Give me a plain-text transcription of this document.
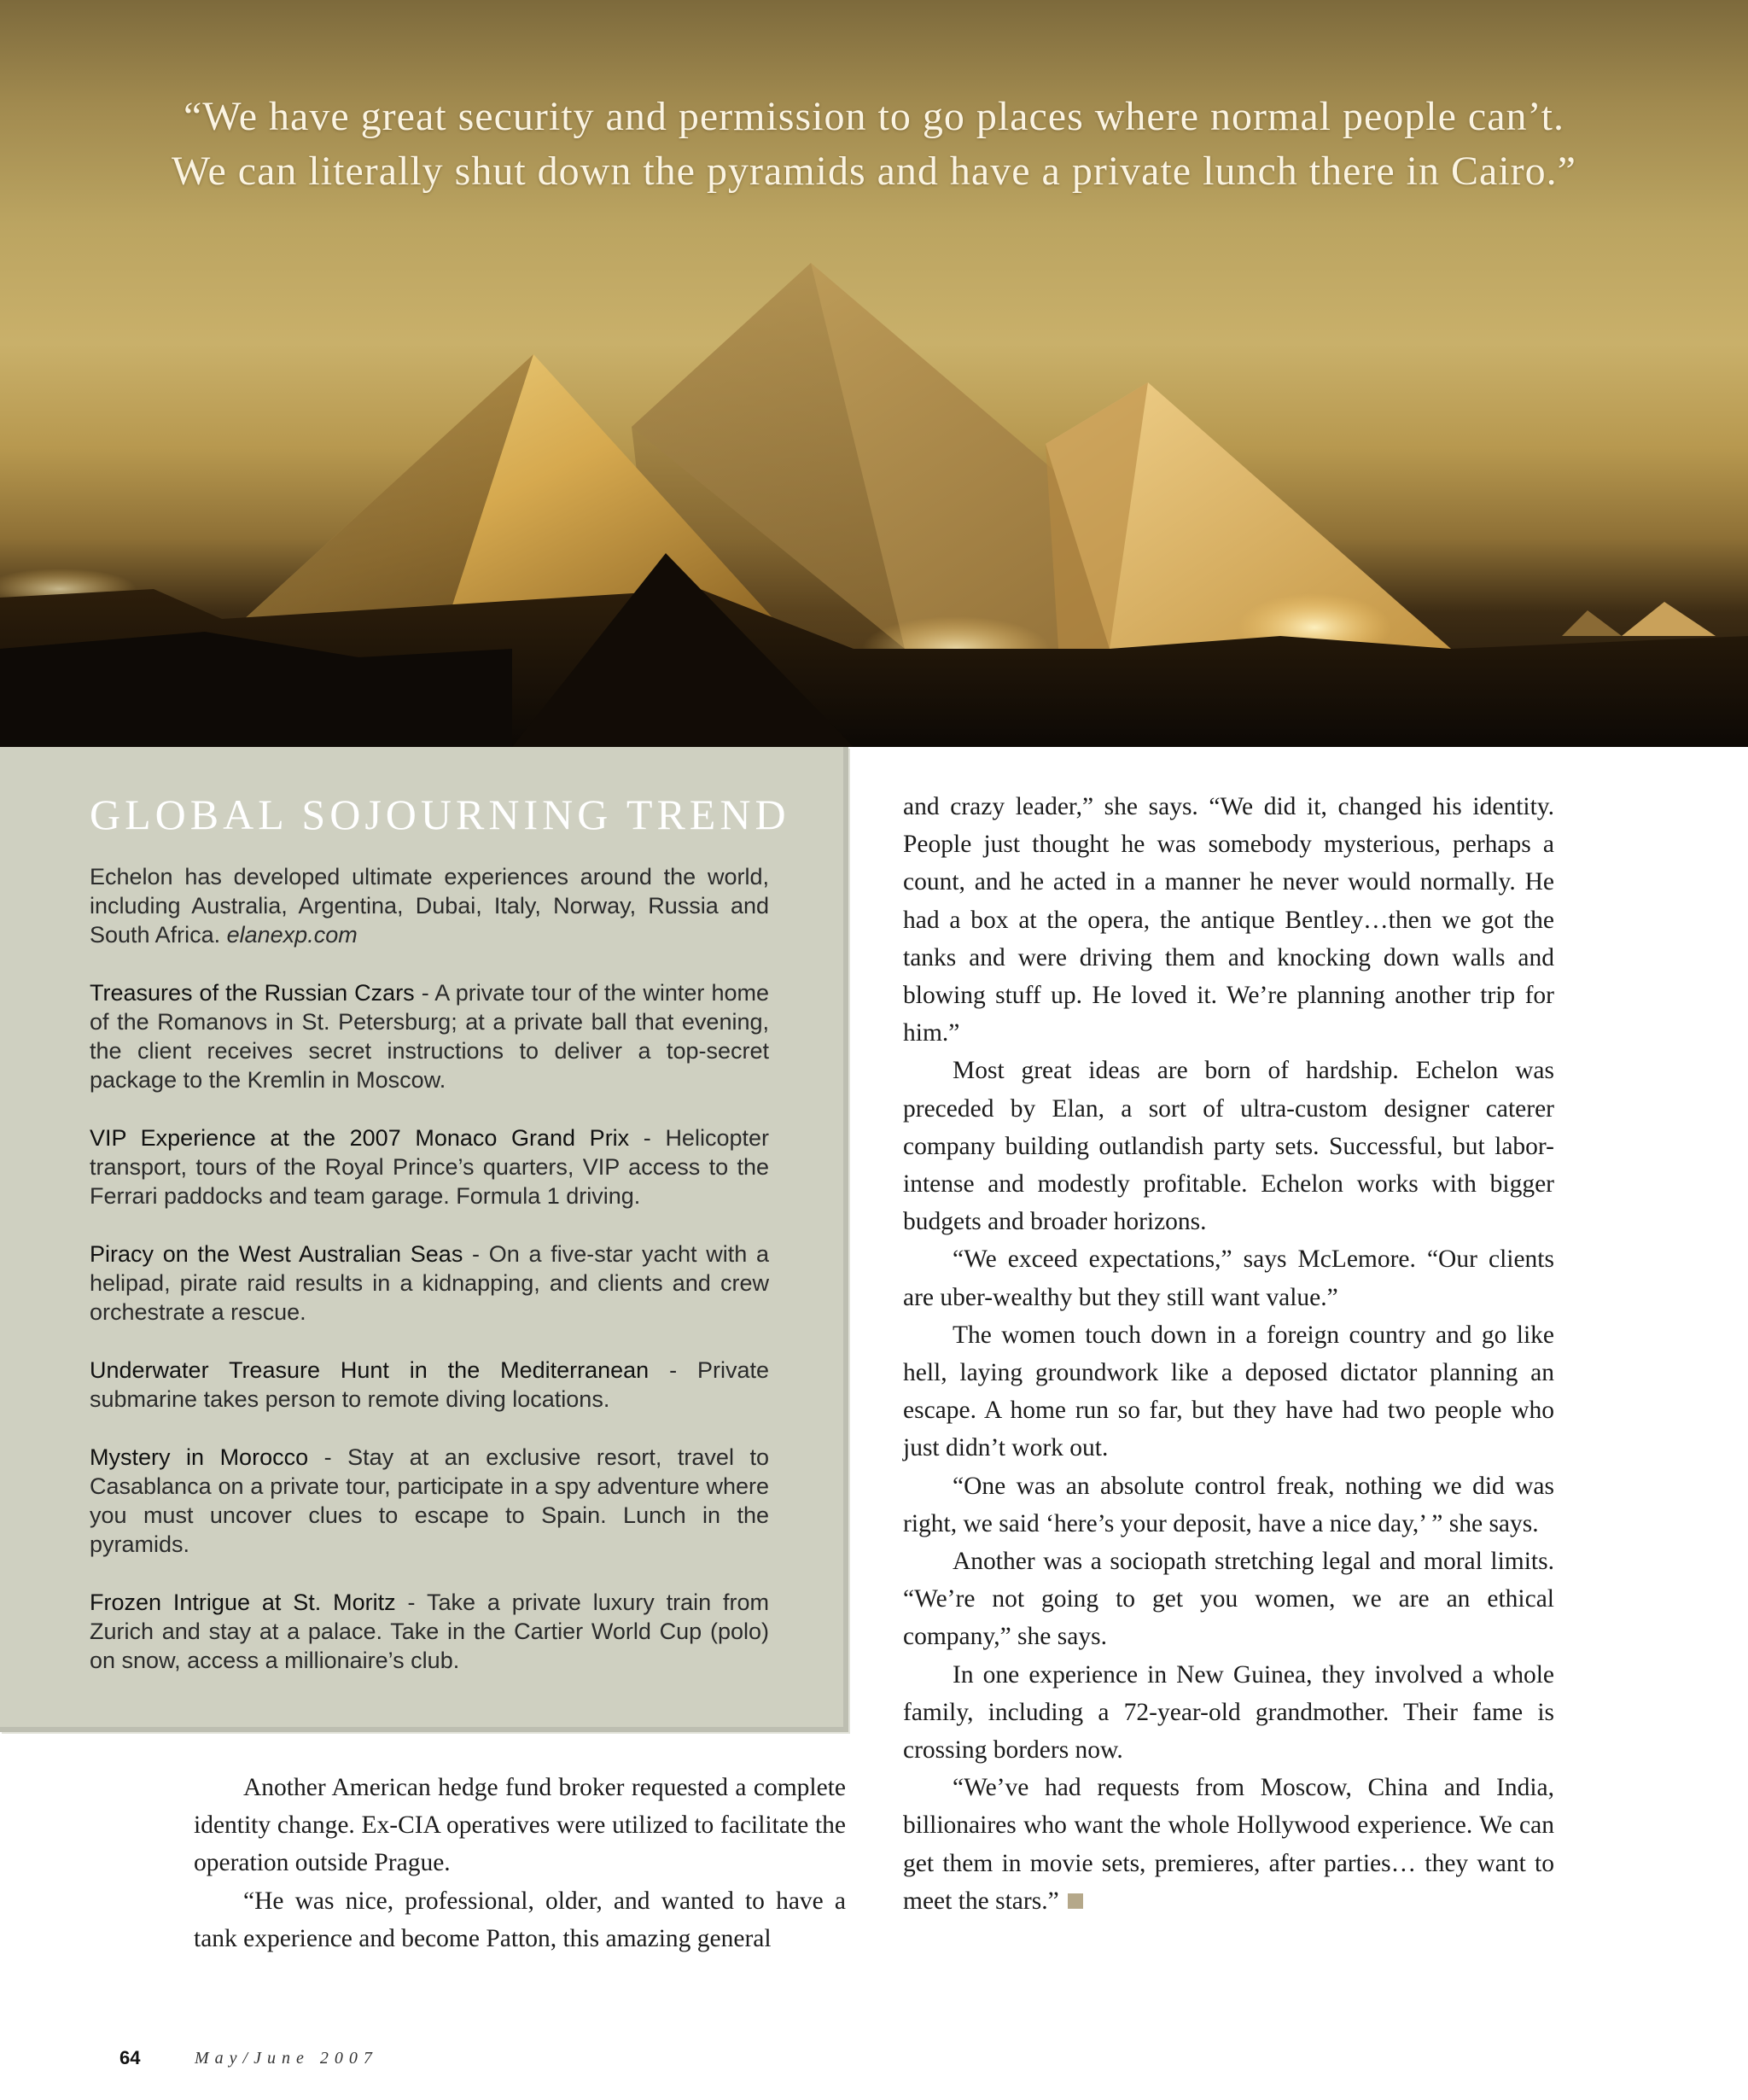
“We have great security and permission to go places where normal people can’t.
We can literally shut down the pyramids and have a private lunch there in Cairo.”

GLOBAL SOJOURNING TREND

Echelon has developed ultimate experiences around the world, including Australia, Argentina, Dubai, Italy, Norway, Russia and South Africa. elanexp.com

Treasures of the Russian Czars - A private tour of the winter home of the Romanovs in St. Petersburg; at a private ball that evening, the client receives secret instructions to deliver a top-secret package to the Kremlin in Moscow.

VIP Experience at the 2007 Monaco Grand Prix - Helicopter transport, tours of the Royal Prince’s quarters, VIP access to the Ferrari paddocks and team garage. Formula 1 driving.

Piracy on the West Australian Seas - On a five-star yacht with a helipad, pirate raid results in a kidnapping, and clients and crew orchestrate a rescue.

Underwater Treasure Hunt in the Mediterranean - Private submarine takes person to remote diving locations.

Mystery in Morocco - Stay at an exclusive resort, travel to Casablanca on a private tour, participate in a spy adventure where you must uncover clues to escape to Spain. Lunch in the pyramids.

Frozen Intrigue at St. Moritz - Take a private luxury train from Zurich and stay at a palace. Take in the Cartier World Cup (polo) on snow, access a millionaire’s club.

Another American hedge fund broker requested a complete identity change. Ex-CIA operatives were utilized to facilitate the operation outside Prague.

“He was nice, professional, older, and wanted to have a tank experience and become Patton, this amazing general

and crazy leader,” she says. “We did it, changed his identity. People just thought he was somebody mysterious, perhaps a count, and he acted in a manner he never would normally. He had a box at the opera, the antique Bentley…then we got the tanks and were driving them and knocking down walls and blowing stuff up. He loved it. We’re planning another trip for him.”

Most great ideas are born of hardship. Echelon was preceded by Elan, a sort of ultra-custom designer caterer company building outlandish party sets. Successful, but labor-intense and modestly profitable. Echelon works with bigger budgets and broader horizons.

“We exceed expectations,” says McLemore. “Our clients are uber-wealthy but they still want value.”

The women touch down in a foreign country and go like hell, laying groundwork like a deposed dictator planning an escape. A home run so far, but they have had two people who just didn’t work out.

“One was an absolute control freak, nothing we did was right, we said ‘here’s your deposit, have a nice day,’ ” she says.

Another was a sociopath stretching legal and moral limits. “We’re not going to get you women, we are an ethical company,” she says.

In one experience in New Guinea, they involved a whole family, including a 72-year-old grandmother. Their fame is crossing borders now.

“We’ve had requests from Moscow, China and India, billionaires who want the whole Hollywood experience. We can get them in movie sets, premieres, after parties… they want to meet the stars.”

64	May/June 2007
